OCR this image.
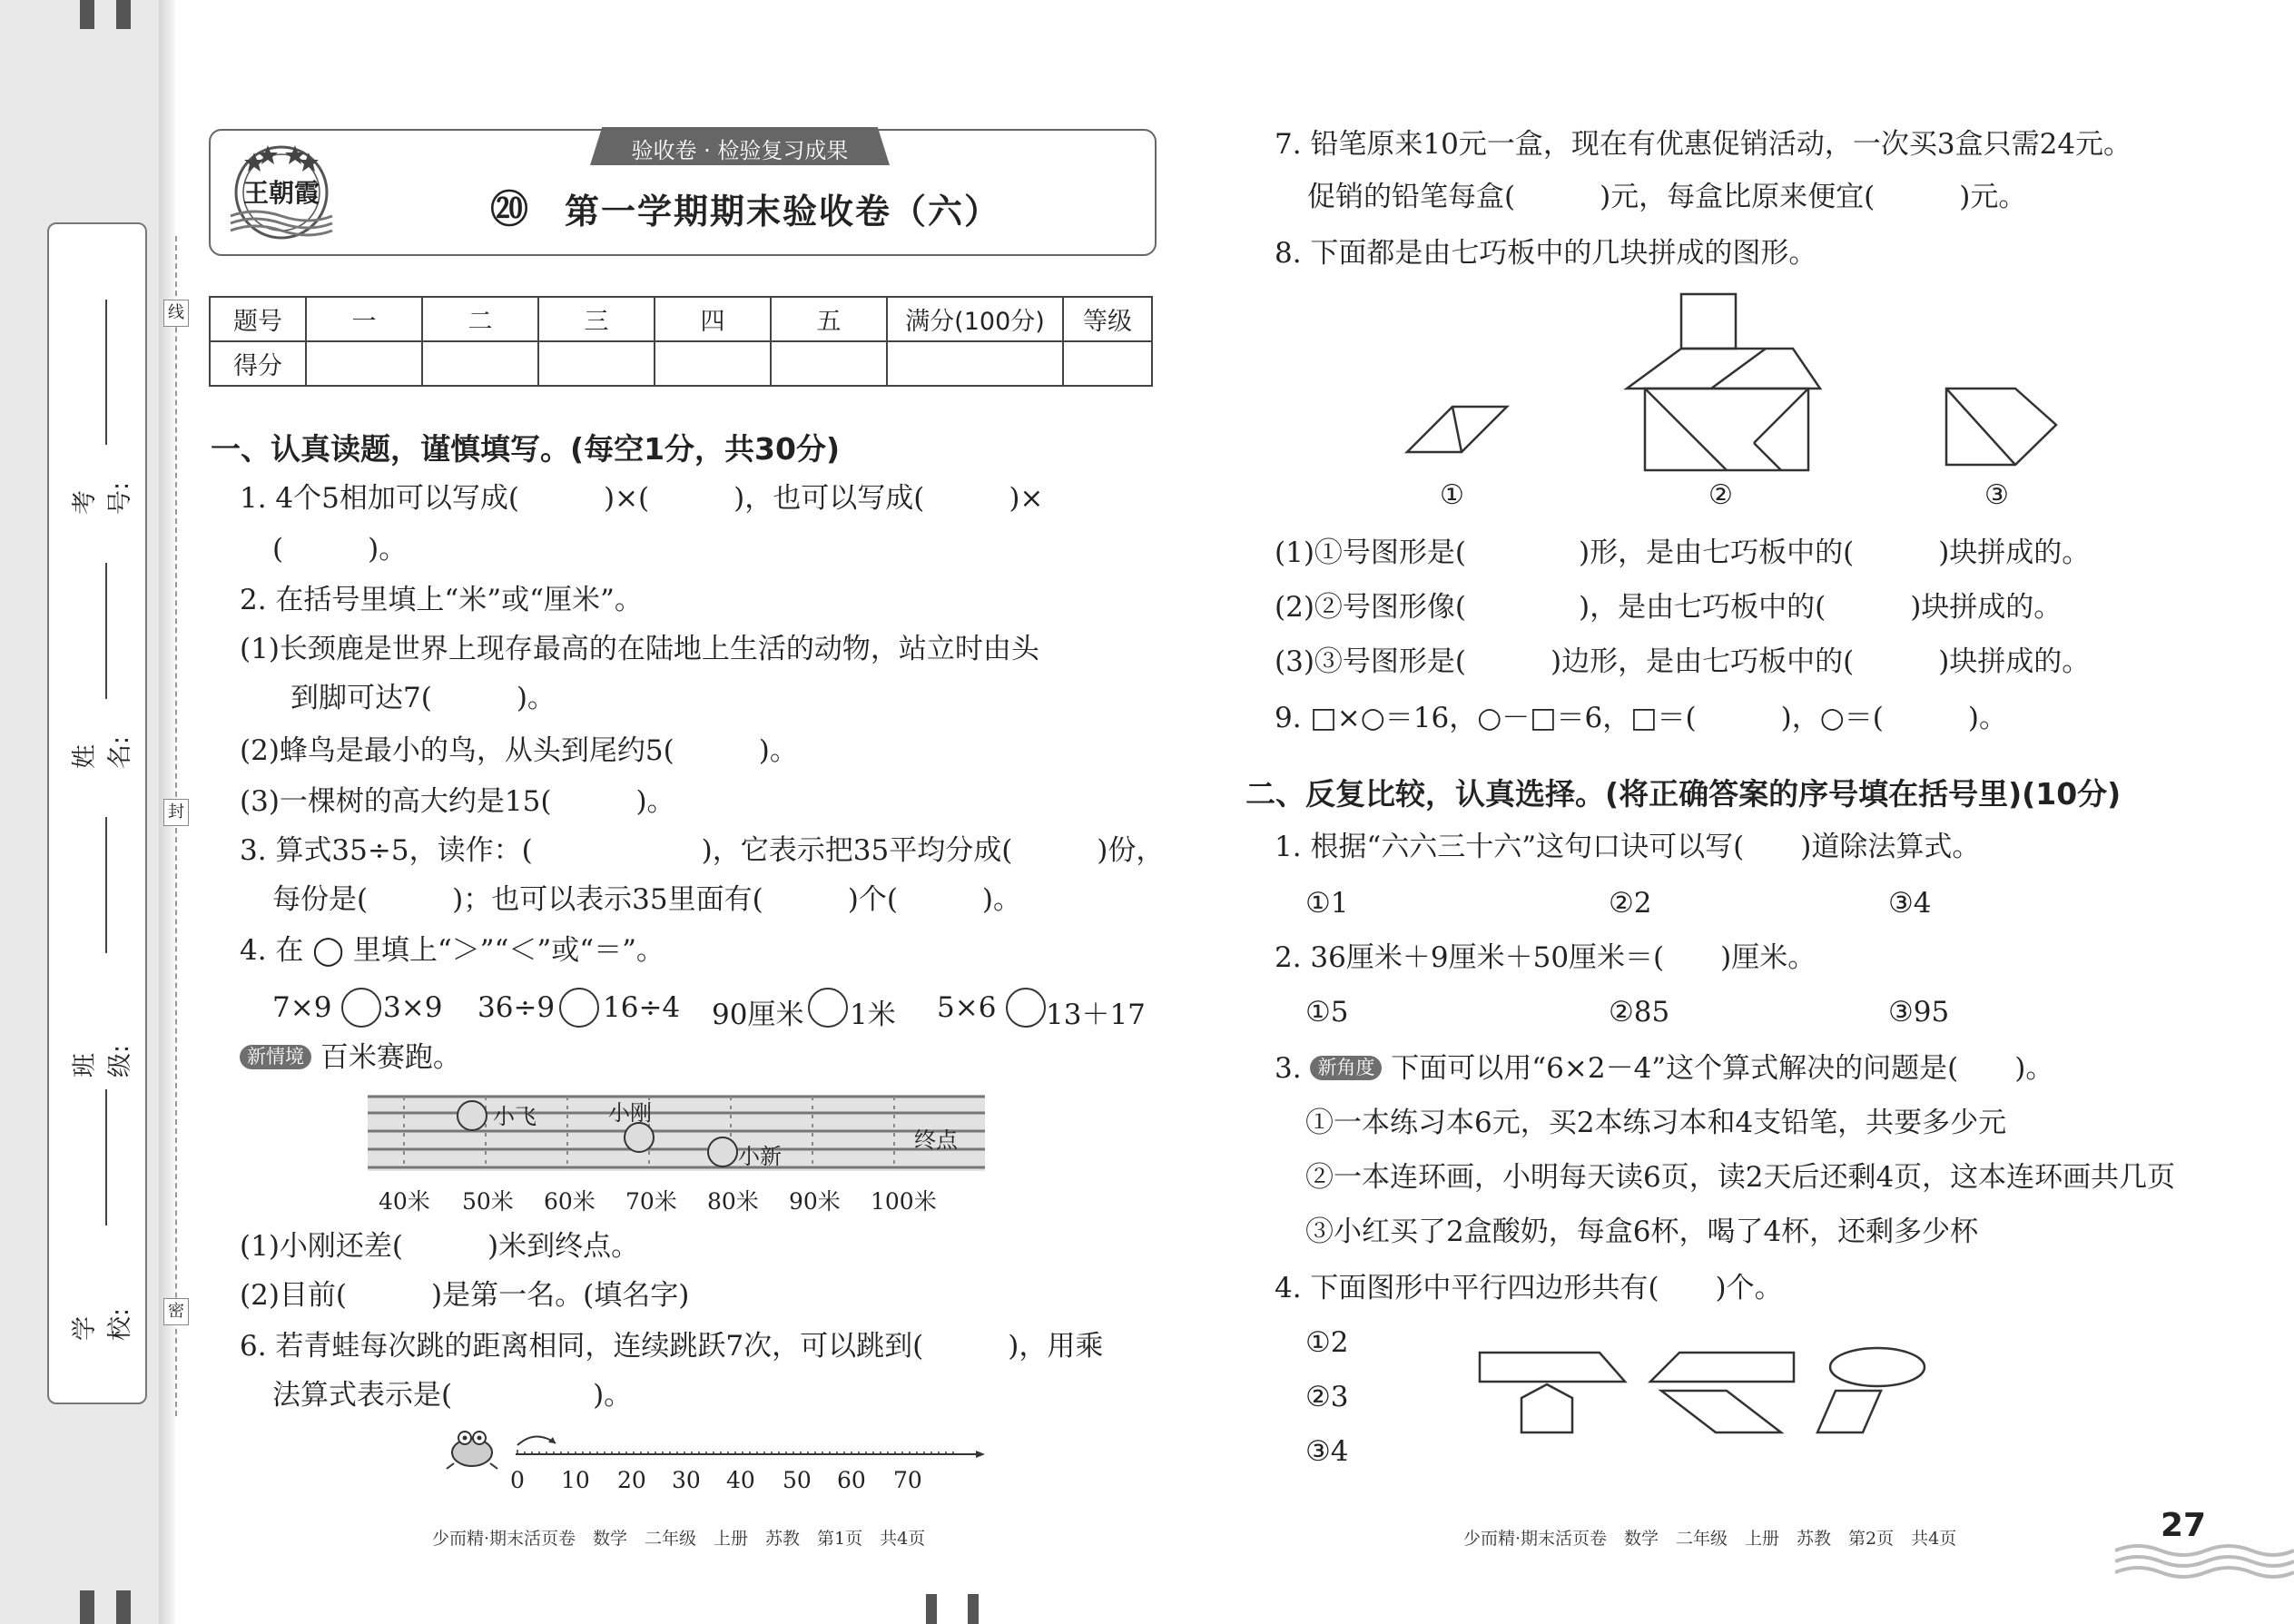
考号:
姓名:
班级:
学校:
线
封
密
验收卷 · 检验复习成果
王朝霞	⑳ 第一学期期末验收卷（六）
题号	一	二	三	四	五	满分(100分)	等级
得分							
一、认真读题，谨慎填写。(每空1分，共30分)
1. 4个5相加可以写成(　　　)×(　　　)，也可以写成(　　　)×
(　　　)。
2. 在括号里填上“米”或“厘米”。
(1)长颈鹿是世界上现存最高的在陆地上生活的动物，站立时由头
到脚可达7(　　　)。
(2)蜂鸟是最小的鸟，从头到尾约5(　　　)。
(3)一棵树的高大约是15(　　　)。
3. 算式35÷5，读作：(　　　　　　)，它表示把35平均分成(　　　)份，
每份是(　　　)；也可以表示35里面有(　　　)个(　　　)。
4. 在 ◯ 里填上“＞”“＜”或“＝”。
7×9 3×9 36÷9 16÷4 90厘米 1米 5×6 13＋17
新情境 百米赛跑。
小飞	小刚
小新
终点
40米 50米 60米 70米 80米 90米 100米
(1)小刚还差(　　　)米到终点。
(2)目前(　　　)是第一名。(填名字)
6. 若青蛙每次跳的距离相同，连续跳跃7次，可以跳到(　　　)，用乘
法算式表示是(　　　　　)。
0 10 20 30 40 50 60 70
少而精·期末活页卷　数学　二年级　上册　苏教　第1页　共4页
7. 铅笔原来10元一盒，现在有优惠促销活动，一次买3盒只需24元。
促销的铅笔每盒(　　　)元，每盒比原来便宜(　　　)元。
8. 下面都是由七巧板中的几块拼成的图形。
①	②	③
(1)①号图形是(　　　　)形，是由七巧板中的(　　　)块拼成的。
(2)②号图形像(　　　　)，是由七巧板中的(　　　)块拼成的。
(3)③号图形是(　　　)边形，是由七巧板中的(　　　)块拼成的。
9. □×○＝16，○－□＝6，□＝(　　　)，○＝(　　　)。
二、反复比较，认真选择。(将正确答案的序号填在括号里)(10分)
1. 根据“六六三十六”这句口诀可以写(　　)道除法算式。
①1	②2	③4
2. 36厘米＋9厘米＋50厘米＝(　　)厘米。
①5	②85	③95
3. 新角度 下面可以用“6×2－4”这个算式解决的问题是(　　)。
①一本练习本6元，买2本练习本和4支铅笔，共要多少元
②一本连环画，小明每天读6页，读2天后还剩4页，这本连环画共几页
③小红买了2盒酸奶，每盒6杯，喝了4杯，还剩多少杯
4. 下面图形中平行四边形共有(　　)个。
①2
②3
③4
少而精·期末活页卷　数学　二年级　上册　苏教　第2页　共4页	27
